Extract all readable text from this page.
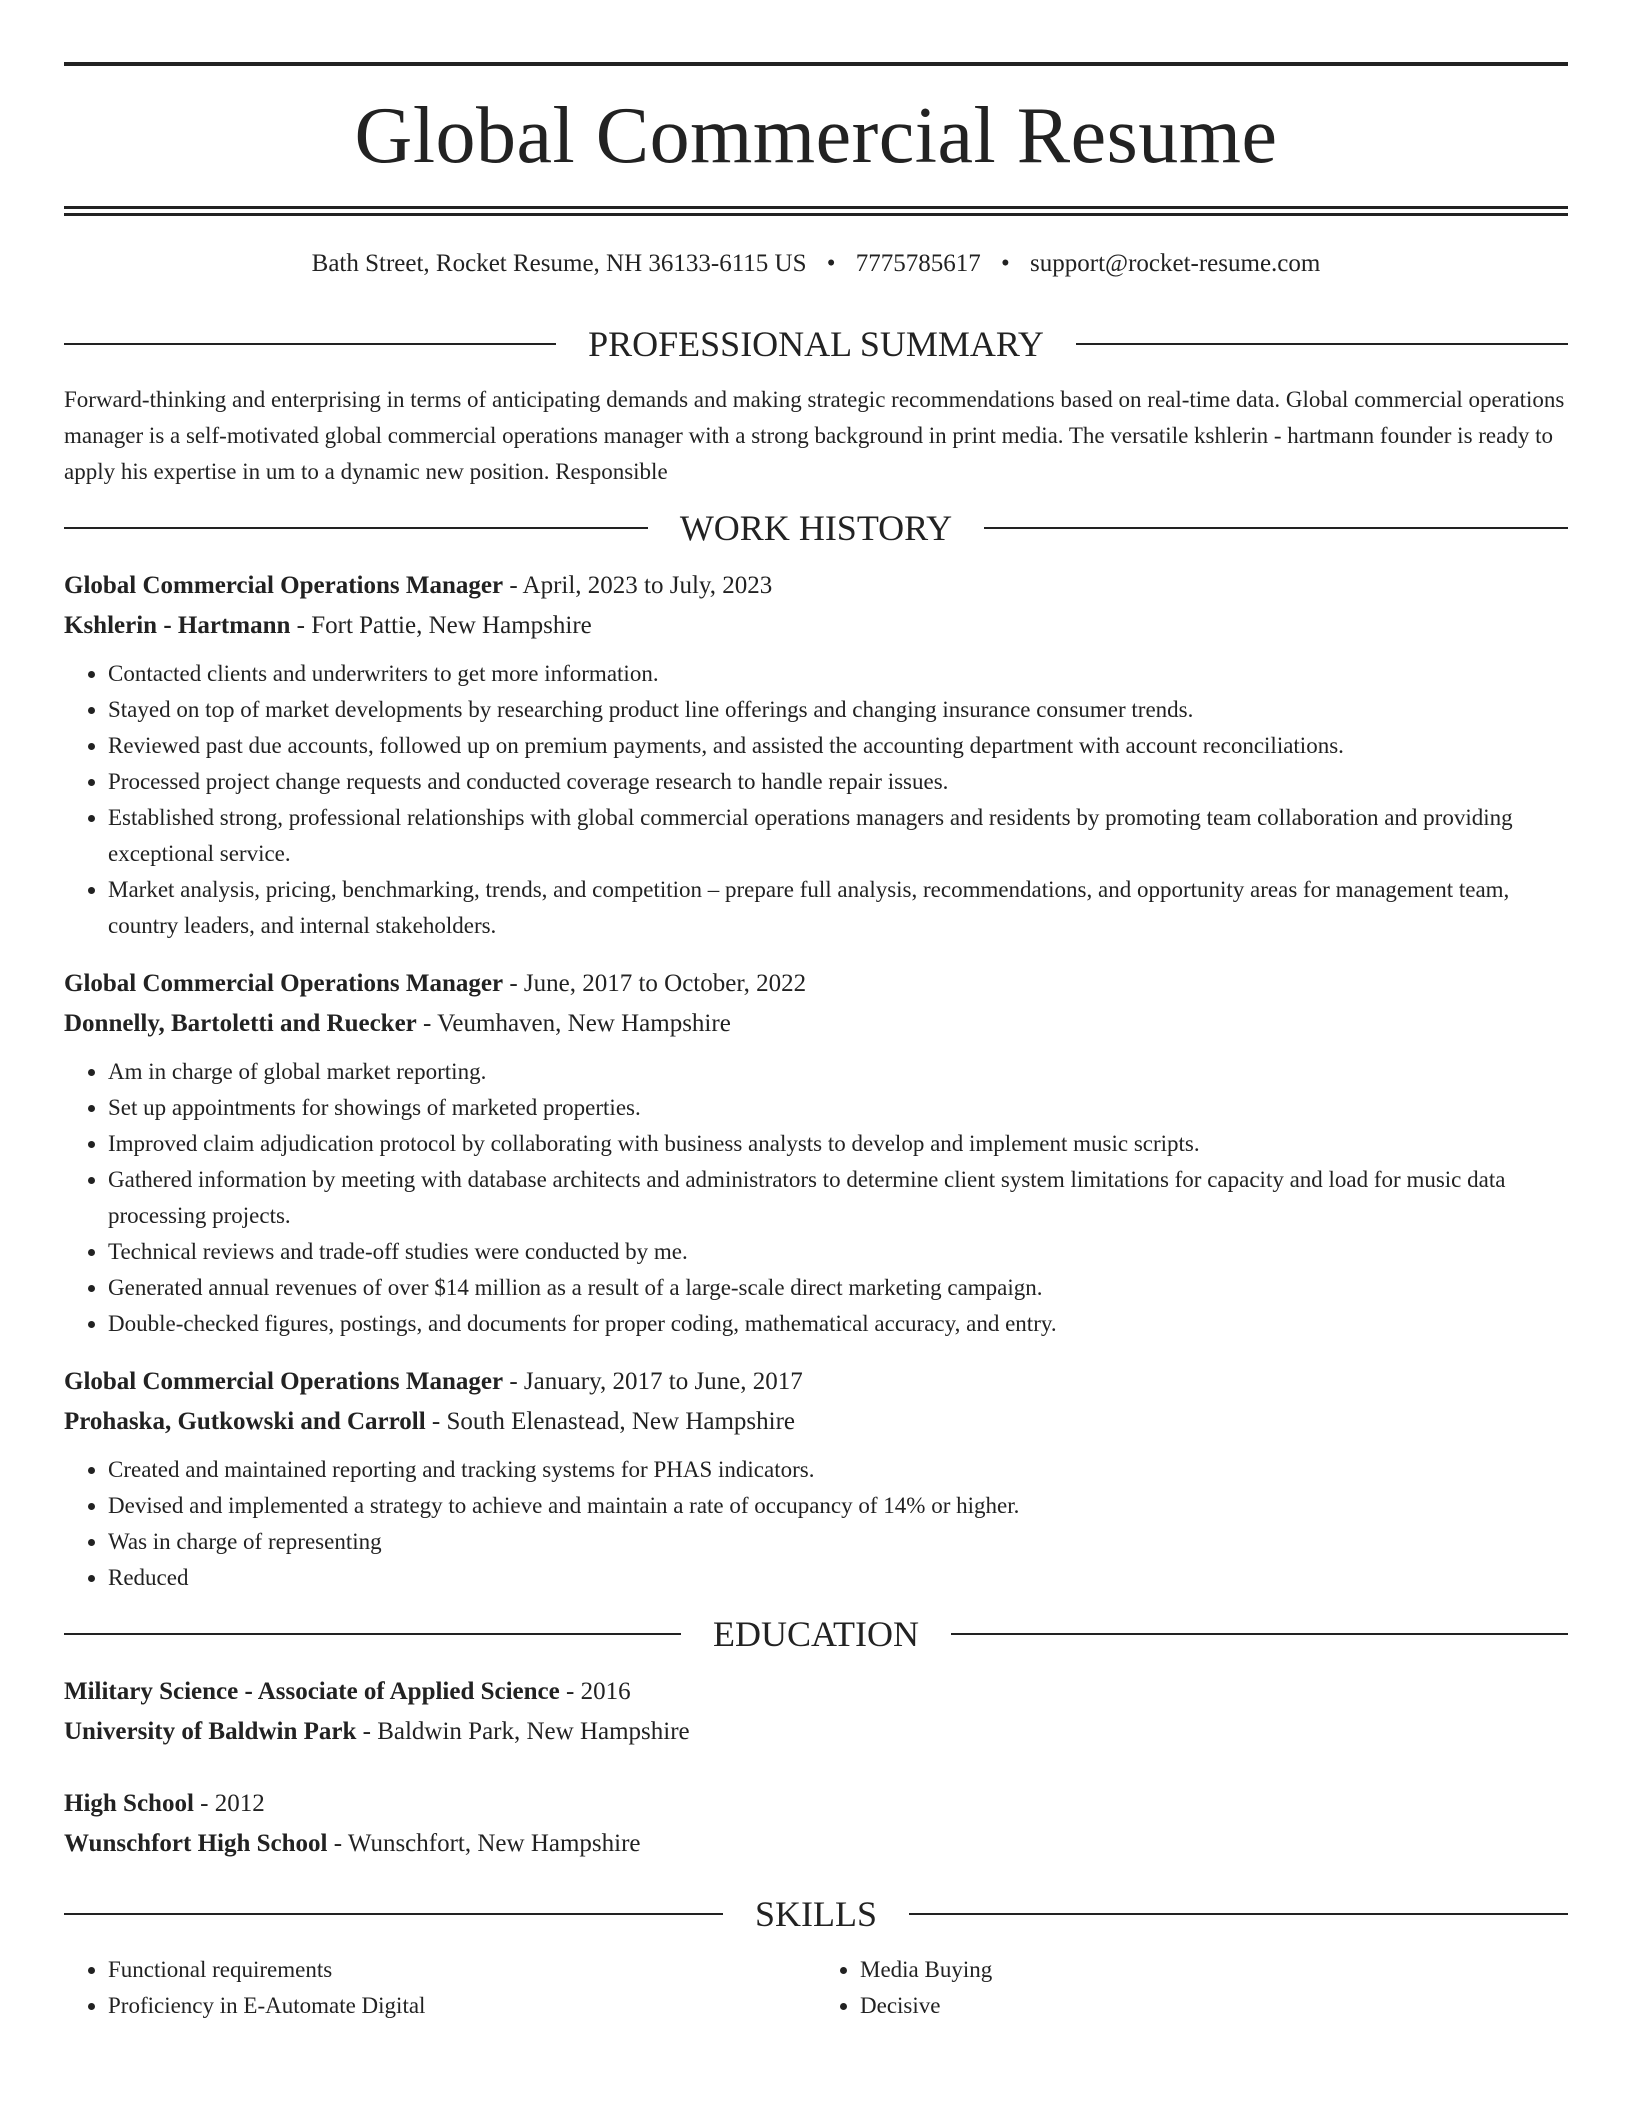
Global Commercial Resume
Bath Street, Rocket Resume, NH 36133-6115 US • 7775785617 • support@rocket-resume.com
PROFESSIONAL SUMMARY

Forward-thinking and enterprising in terms of anticipating demands and making strategic recommendations based on real-time data. Global commercial operations manager is a self-motivated global commercial operations manager with a strong background in print media. The versatile kshlerin - hartmann founder is ready to apply his expertise in um to a dynamic new position. Responsible

WORK HISTORY
Global Commercial Operations Manager - April, 2023 to July, 2023
Kshlerin - Hartmann - Fort Pattie, New Hampshire
• Contacted clients and underwriters to get more information.
• Stayed on top of market developments by researching product line offerings and changing insurance consumer trends.
• Reviewed past due accounts, followed up on premium payments, and assisted the accounting department with account reconciliations.
• Processed project change requests and conducted coverage research to handle repair issues.
• Established strong, professional relationships with global commercial operations managers and residents by promoting team collaboration and providing exceptional service.
• Market analysis, pricing, benchmarking, trends, and competition – prepare full analysis, recommendations, and opportunity areas for management team, country leaders, and internal stakeholders.
Global Commercial Operations Manager - June, 2017 to October, 2022
Donnelly, Bartoletti and Ruecker - Veumhaven, New Hampshire
• Am in charge of global market reporting.
• Set up appointments for showings of marketed properties.
• Improved claim adjudication protocol by collaborating with business analysts to develop and implement music scripts.
• Gathered information by meeting with database architects and administrators to determine client system limitations for capacity and load for music data processing projects.
• Technical reviews and trade-off studies were conducted by me.
• Generated annual revenues of over $14 million as a result of a large-scale direct marketing campaign.
• Double-checked figures, postings, and documents for proper coding, mathematical accuracy, and entry.
Global Commercial Operations Manager - January, 2017 to June, 2017
Prohaska, Gutkowski and Carroll - South Elenastead, New Hampshire
• Created and maintained reporting and tracking systems for PHAS indicators.
• Devised and implemented a strategy to achieve and maintain a rate of occupancy of 14% or higher.
• Was in charge of representing
• Reduced
EDUCATION
Military Science - Associate of Applied Science - 2016
University of Baldwin Park - Baldwin Park, New Hampshire
High School - 2012
Wunschfort High School - Wunschfort, New Hampshire
SKILLS
• Functional requirements
• Proficiency in E-Automate Digital
• Media Buying
• Decisive
